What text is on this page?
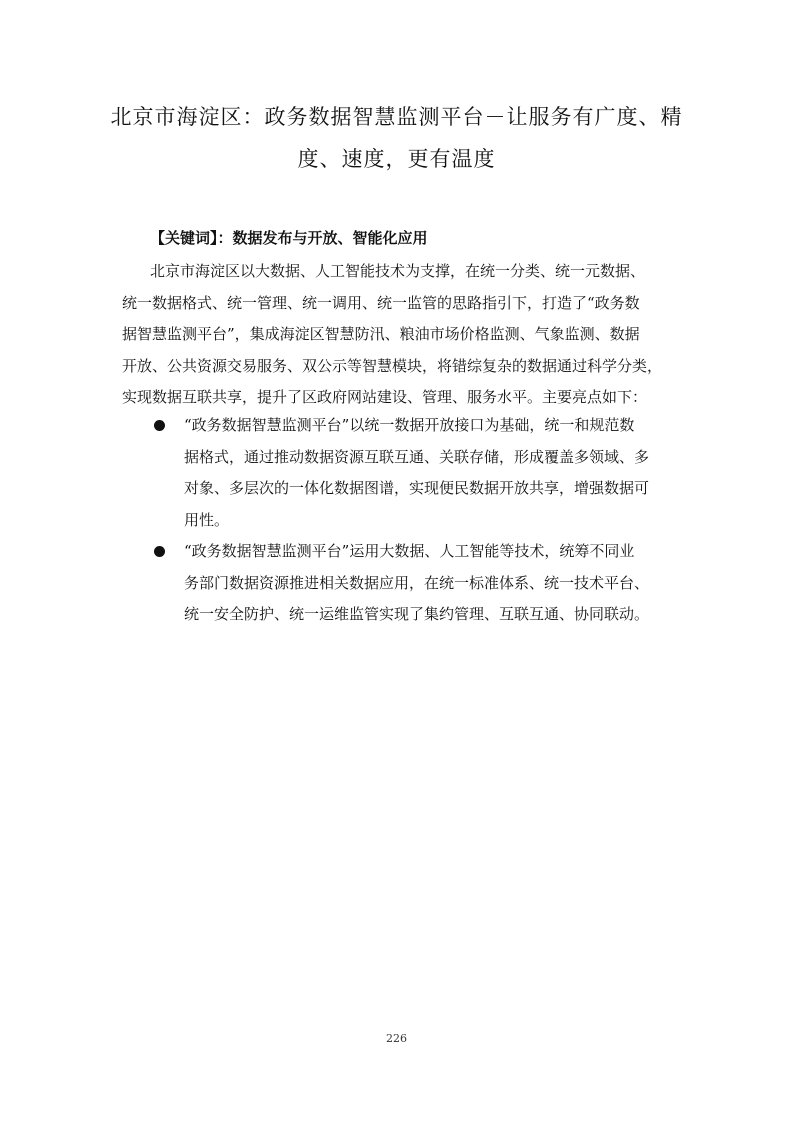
北京市海淀区：政务数据智慧监测平台－让服务有广度、精
度、速度，更有温度
【关键词】：数据发布与开放、智能化应用
北京市海淀区以大数据、人工智能技术为支撑，在统一分类、统一元数据、
统一数据格式、统一管理、统一调用、统一监管的思路指引下，打造了“政务数
据智慧监测平台”，集成海淀区智慧防汛、粮油市场价格监测、气象监测、数据
开放、公共资源交易服务、双公示等智慧模块，将错综复杂的数据通过科学分类，
实现数据互联共享，提升了区政府网站建设、管理、服务水平。主要亮点如下：
“政务数据智慧监测平台”以统一数据开放接口为基础，统一和规范数
据格式，通过推动数据资源互联互通、关联存储，形成覆盖多领域、多
对象、多层次的一体化数据图谱，实现便民数据开放共享，增强数据可
用性。
“政务数据智慧监测平台”运用大数据、人工智能等技术，统筹不同业
务部门数据资源推进相关数据应用，在统一标准体系、统一技术平台、
统一安全防护、统一运维监管实现了集约管理、互联互通、协同联动。
226
